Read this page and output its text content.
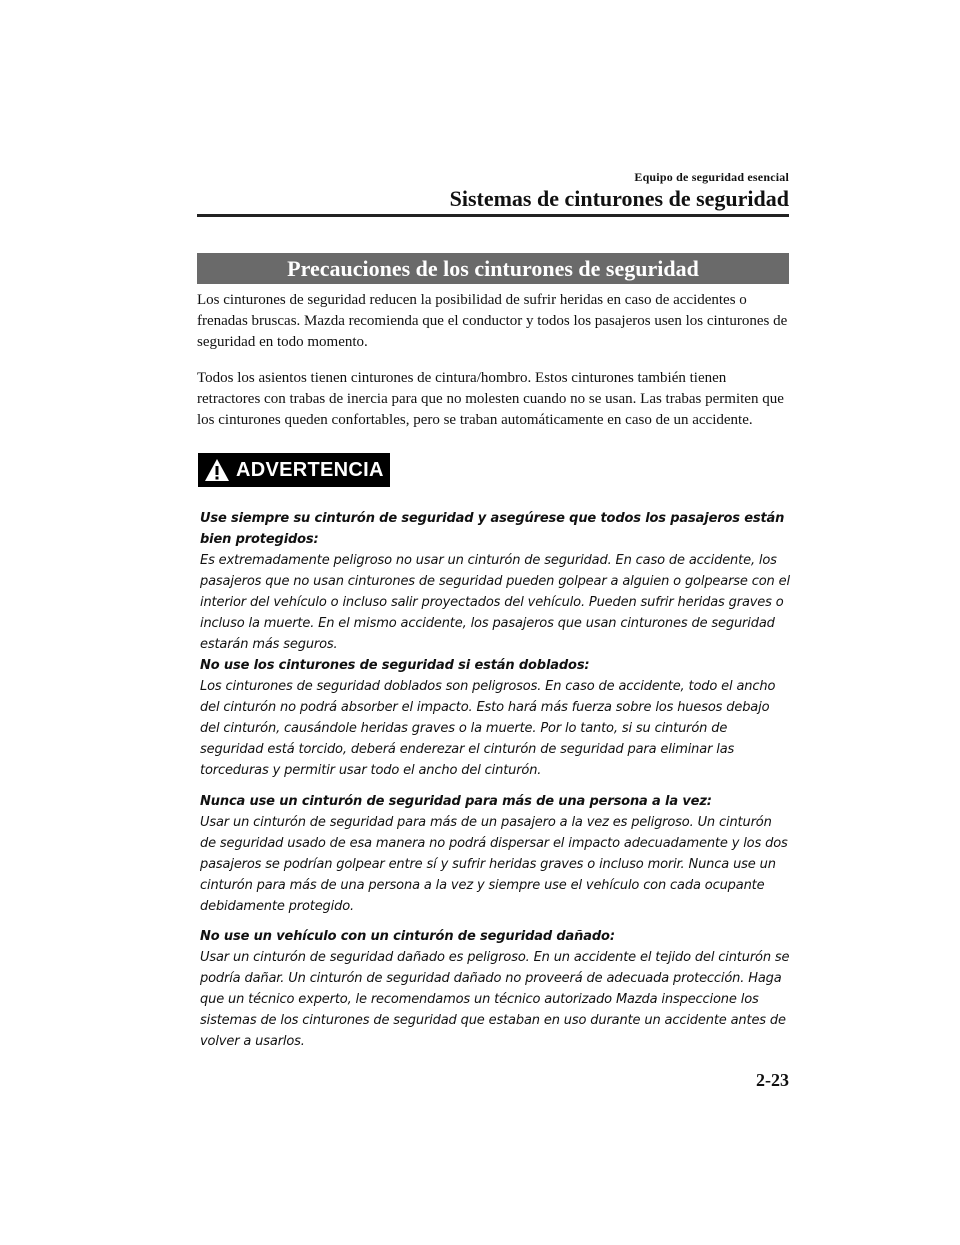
Equipo de seguridad esencial
Sistemas de cinturones de seguridad
Precauciones de los cinturones de seguridad
Los cinturones de seguridad reducen la posibilidad de sufrir heridas en caso de accidentes o frenadas bruscas. Mazda recomienda que el conductor y todos los pasajeros usen los cinturones de seguridad en todo momento.
Todos los asientos tienen cinturones de cintura/hombro. Estos cinturones también tienen retractores con trabas de inercia para que no molesten cuando no se usan. Las trabas permiten que los cinturones queden confortables, pero se traban automáticamente en caso de un accidente.
ADVERTENCIA
Use siempre su cinturón de seguridad y asegúrese que todos los pasajeros están bien protegidos:
Es extremadamente peligroso no usar un cinturón de seguridad. En caso de accidente, los pasajeros que no usan cinturones de seguridad pueden golpear a alguien o golpearse con el interior del vehículo o incluso salir proyectados del vehículo. Pueden sufrir heridas graves o incluso la muerte. En el mismo accidente, los pasajeros que usan cinturones de seguridad estarán más seguros.
No use los cinturones de seguridad si están doblados:
Los cinturones de seguridad doblados son peligrosos. En caso de accidente, todo el ancho del cinturón no podrá absorber el impacto. Esto hará más fuerza sobre los huesos debajo del cinturón, causándole heridas graves o la muerte. Por lo tanto, si su cinturón de seguridad está torcido, deberá enderezar el cinturón de seguridad para eliminar las torceduras y permitir usar todo el ancho del cinturón.
Nunca use un cinturón de seguridad para más de una persona a la vez:
Usar un cinturón de seguridad para más de un pasajero a la vez es peligroso. Un cinturón de seguridad usado de esa manera no podrá dispersar el impacto adecuadamente y los dos pasajeros se podrían golpear entre sí y sufrir heridas graves o incluso morir. Nunca use un cinturón para más de una persona a la vez y siempre use el vehículo con cada ocupante debidamente protegido.
No use un vehículo con un cinturón de seguridad dañado:
Usar un cinturón de seguridad dañado es peligroso. En un accidente el tejido del cinturón se podría dañar. Un cinturón de seguridad dañado no proveerá de adecuada protección. Haga que un técnico experto, le recomendamos un técnico autorizado Mazda inspeccione los sistemas de los cinturones de seguridad que estaban en uso durante un accidente antes de volver a usarlos.
2-23
